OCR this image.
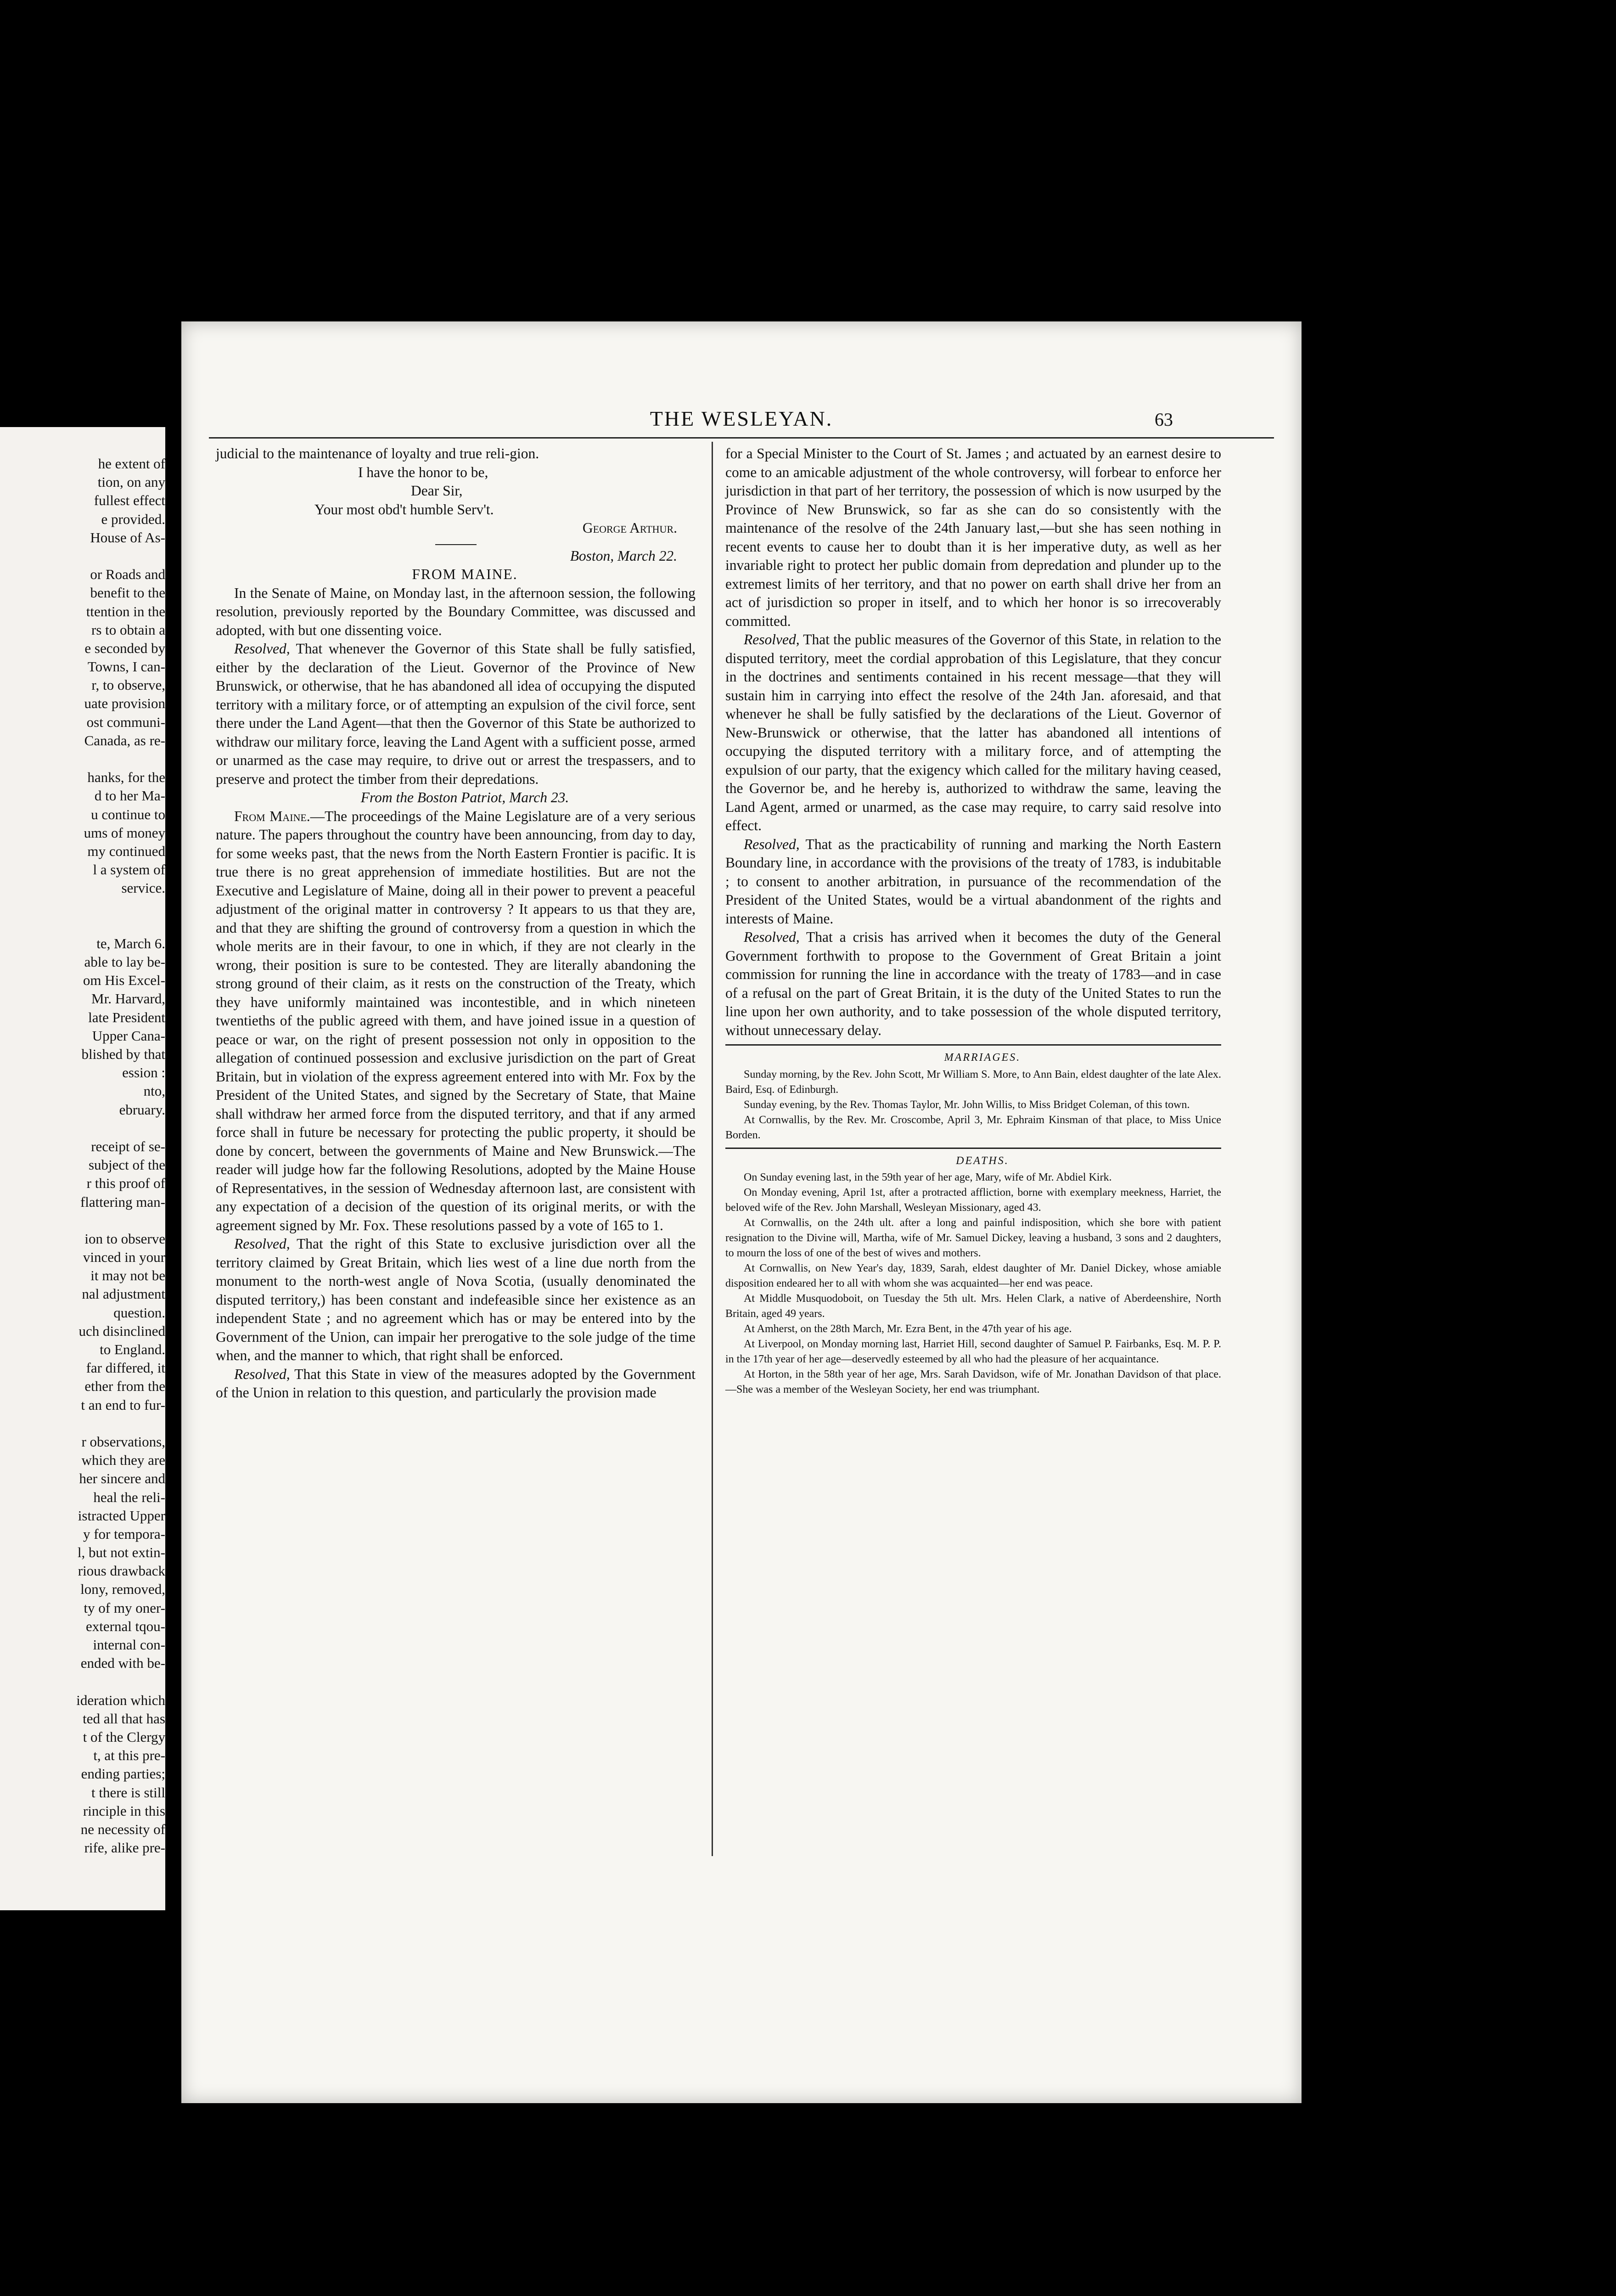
he extent of
tion, on any
fullest effect
e provided.
House of As-
or Roads and
benefit to the
ttention in the
rs to obtain a
e seconded by
Towns, I can-
r, to observe,
uate provision
ost communi-
Canada, as re-
hanks, for the
d to her Ma-
u continue to
ums of money
my continued
l a system of
service.
te, March 6.
able to lay be-
om His Excel-
Mr. Harvard,
late President
Upper Cana-
blished by that
ession :
nto,
ebruary.
receipt of se-
subject of the
r this proof of
flattering man-
ion to observe
vinced in your
it may not be
nal adjustment
question.
uch disinclined
to England.
far differed, it
ether from the
t an end to fur-
r observations,
which they are
her sincere and
heal the reli-
istracted Upper
y for tempora-
l, but not extin-
rious drawback
lony, removed,
ty of my oner-
external tqou-
internal con-
ended with be-
ideration which
ted all that has
t of the Clergy
t, at this pre-
ending parties;
t there is still
rinciple in this
ne necessity of
rife, alike pre-
THE WESLEYAN.	63

judicial to the maintenance of loyalty and true reli-gion.

I have the honor to be,

Dear Sir,

Your most obd't humble Serv't.

George Arthur.

Boston, March 22.

FROM MAINE.

In the Senate of Maine, on Monday last, in the afternoon session, the following resolution, previously reported by the Boundary Committee, was discussed and adopted, with but one dissenting voice.

Resolved, That whenever the Governor of this State shall be fully satisfied, either by the declaration of the Lieut. Governor of the Province of New Brunswick, or otherwise, that he has abandoned all idea of occupying the disputed territory with a military force, or of attempting an expulsion of the civil force, sent there under the Land Agent—that then the Governor of this State be authorized to withdraw our military force, leaving the Land Agent with a sufficient posse, armed or unarmed as the case may require, to drive out or arrest the trespassers, and to preserve and protect the timber from their depredations.

From the Boston Patriot, March 23.

From Maine.—The proceedings of the Maine Legislature are of a very serious nature. The papers throughout the country have been announcing, from day to day, for some weeks past, that the news from the North Eastern Frontier is pacific. It is true there is no great apprehension of immediate hostilities. But are not the Executive and Legislature of Maine, doing all in their power to prevent a peaceful adjustment of the original matter in controversy ? It appears to us that they are, and that they are shifting the ground of controversy from a question in which the whole merits are in their favour, to one in which, if they are not clearly in the wrong, their position is sure to be contested. They are literally abandoning the strong ground of their claim, as it rests on the construction of the Treaty, which they have uniformly maintained was incontestible, and in which nineteen twentieths of the public agreed with them, and have joined issue in a question of peace or war, on the right of present possession not only in opposition to the allegation of continued possession and exclusive jurisdiction on the part of Great Britain, but in violation of the express agreement entered into with Mr. Fox by the President of the United States, and signed by the Secretary of State, that Maine shall withdraw her armed force from the disputed territory, and that if any armed force shall in future be necessary for protecting the public property, it should be done by concert, between the governments of Maine and New Brunswick.—The reader will judge how far the following Resolutions, adopted by the Maine House of Representatives, in the session of Wednesday afternoon last, are consistent with any expectation of a decision of the question of its original merits, or with the agreement signed by Mr. Fox. These resolutions passed by a vote of 165 to 1.

Resolved, That the right of this State to exclusive jurisdiction over all the territory claimed by Great Britain, which lies west of a line due north from the monument to the north-west angle of Nova Scotia, (usually denominated the disputed territory,) has been constant and indefeasible since her existence as an independent State ; and no agreement which has or may be entered into by the Government of the Union, can impair her prerogative to the sole judge of the time when, and the manner to which, that right shall be enforced.

Resolved, That this State in view of the measures adopted by the Government of the Union in relation to this question, and particularly the provision made

for a Special Minister to the Court of St. James ; and actuated by an earnest desire to come to an amicable adjustment of the whole controversy, will forbear to enforce her jurisdiction in that part of her territory, the possession of which is now usurped by the Province of New Brunswick, so far as she can do so consistently with the maintenance of the resolve of the 24th January last,—but she has seen nothing in recent events to cause her to doubt than it is her imperative duty, as well as her invariable right to protect her public domain from depredation and plunder up to the extremest limits of her territory, and that no power on earth shall drive her from an act of jurisdiction so proper in itself, and to which her honor is so irrecoverably committed.

Resolved, That the public measures of the Governor of this State, in relation to the disputed territory, meet the cordial approbation of this Legislature, that they concur in the doctrines and sentiments contained in his recent message—that they will sustain him in carrying into effect the resolve of the 24th Jan. aforesaid, and that whenever he shall be fully satisfied by the declarations of the Lieut. Governor of New-Brunswick or otherwise, that the latter has abandoned all intentions of occupying the disputed territory with a military force, and of attempting the expulsion of our party, that the exigency which called for the military having ceased, the Governor be, and he hereby is, authorized to withdraw the same, leaving the Land Agent, armed or unarmed, as the case may require, to carry said resolve into effect.

Resolved, That as the practicability of running and marking the North Eastern Boundary line, in accordance with the provisions of the treaty of 1783, is indubitable ; to consent to another arbitration, in pursuance of the recommendation of the President of the United States, would be a virtual abandonment of the rights and interests of Maine.

Resolved, That a crisis has arrived when it becomes the duty of the General Government forthwith to propose to the Government of Great Britain a joint commission for running the line in accordance with the treaty of 1783—and in case of a refusal on the part of Great Britain, it is the duty of the United States to run the line upon her own authority, and to take possession of the whole disputed territory, without unnecessary delay.

MARRIAGES.

Sunday morning, by the Rev. John Scott, Mr William S. More, to Ann Bain, eldest daughter of the late Alex. Baird, Esq. of Edinburgh.

Sunday evening, by the Rev. Thomas Taylor, Mr. John Willis, to Miss Bridget Coleman, of this town.

At Cornwallis, by the Rev. Mr. Croscombe, April 3, Mr. Ephraim Kinsman of that place, to Miss Unice Borden.

DEATHS.

On Sunday evening last, in the 59th year of her age, Mary, wife of Mr. Abdiel Kirk.

On Monday evening, April 1st, after a protracted affliction, borne with exemplary meekness, Harriet, the beloved wife of the Rev. John Marshall, Wesleyan Missionary, aged 43.

At Cornwallis, on the 24th ult. after a long and painful indisposition, which she bore with patient resignation to the Divine will, Martha, wife of Mr. Samuel Dickey, leaving a husband, 3 sons and 2 daughters, to mourn the loss of one of the best of wives and mothers.

At Cornwallis, on New Year's day, 1839, Sarah, eldest daughter of Mr. Daniel Dickey, whose amiable disposition endeared her to all with whom she was acquainted—her end was peace.

At Middle Musquodoboit, on Tuesday the 5th ult. Mrs. Helen Clark, a native of Aberdeenshire, North Britain, aged 49 years.

At Amherst, on the 28th March, Mr. Ezra Bent, in the 47th year of his age.

At Liverpool, on Monday morning last, Harriet Hill, second daughter of Samuel P. Fairbanks, Esq. M. P. P. in the 17th year of her age—deservedly esteemed by all who had the pleasure of her acquaintance.

At Horton, in the 58th year of her age, Mrs. Sarah Davidson, wife of Mr. Jonathan Davidson of that place.—She was a member of the Wesleyan Society, her end was triumphant.
